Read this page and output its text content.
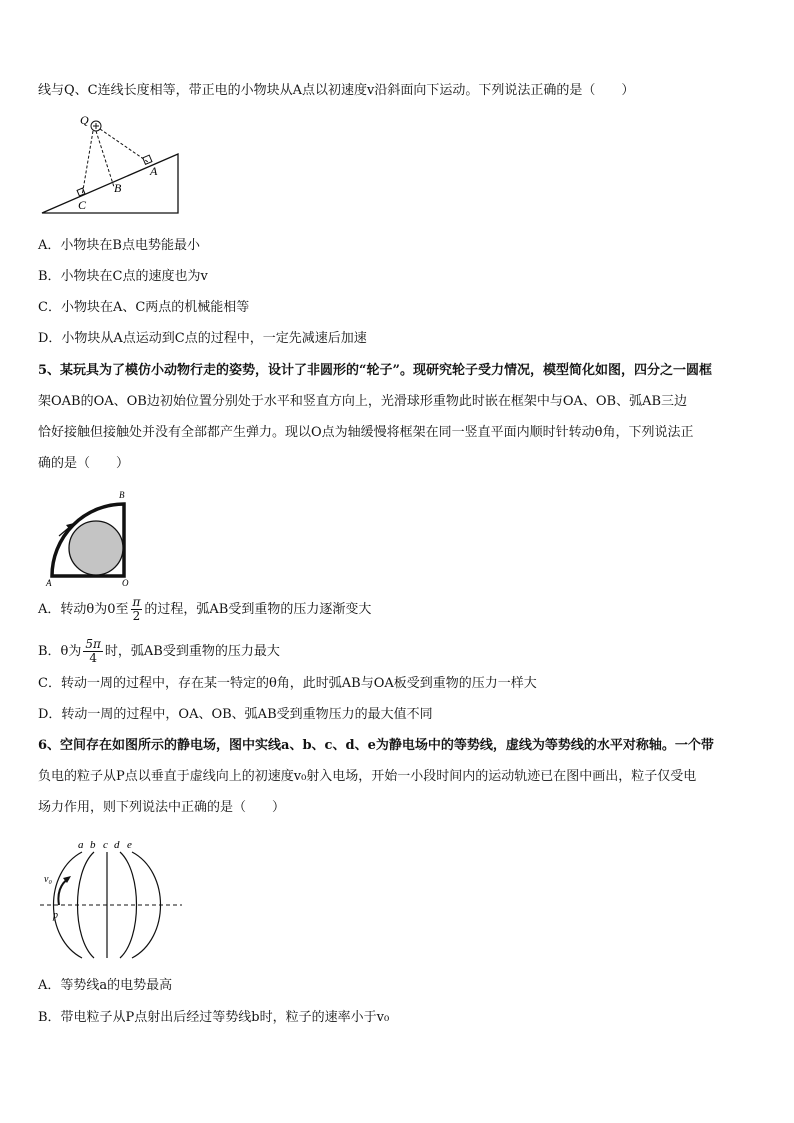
线与Q、C连线长度相等，带正电的小物块从A点以初速度v沿斜面向下运动。下列说法正确的是（　　）
Q
A
B
C
A．小物块在B点电势能最小
B．小物块在C点的速度也为v
C．小物块在A、C两点的机械能相等
D．小物块从A点运动到C点的过程中，一定先减速后加速
5、某玩具为了模仿小动物行走的姿势，设计了非圆形的“轮子”。现研究轮子受力情况，模型简化如图，四分之一圆框
架OAB的OA、OB边初始位置分别处于水平和竖直方向上，光滑球形重物此时嵌在框架中与OA、OB、弧AB三边
恰好接触但接触处并没有全部都产生弹力。现以O点为轴缓慢将框架在同一竖直平面内顺时针转动θ角，下列说法正
确的是（　　）
B
A	O
A．转动θ为0至 $\frac{\pi}{2}$ 的过程，弧AB受到重物的压力逐渐变大
B．θ为 $\frac{5\pi}{4}$ 时，弧AB受到重物的压力最大
C．转动一周的过程中，存在某一特定的θ角，此时弧AB与OA板受到重物的压力一样大
D．转动一周的过程中，OA、OB、弧AB受到重物压力的最大值不同
6、空间存在如图所示的静电场，图中实线a、b、c、d、e为静电场中的等势线，虚线为等势线的水平对称轴。一个带
负电的粒子从P点以垂直于虚线向上的初速度v₀射入电场，开始一小段时间内的运动轨迹已在图中画出，粒子仅受电
场力作用，则下列说法中正确的是（　　）
a b c d e
v₀
p
A．等势线a的电势最高
B．带电粒子从P点射出后经过等势线b时，粒子的速率小于v₀
